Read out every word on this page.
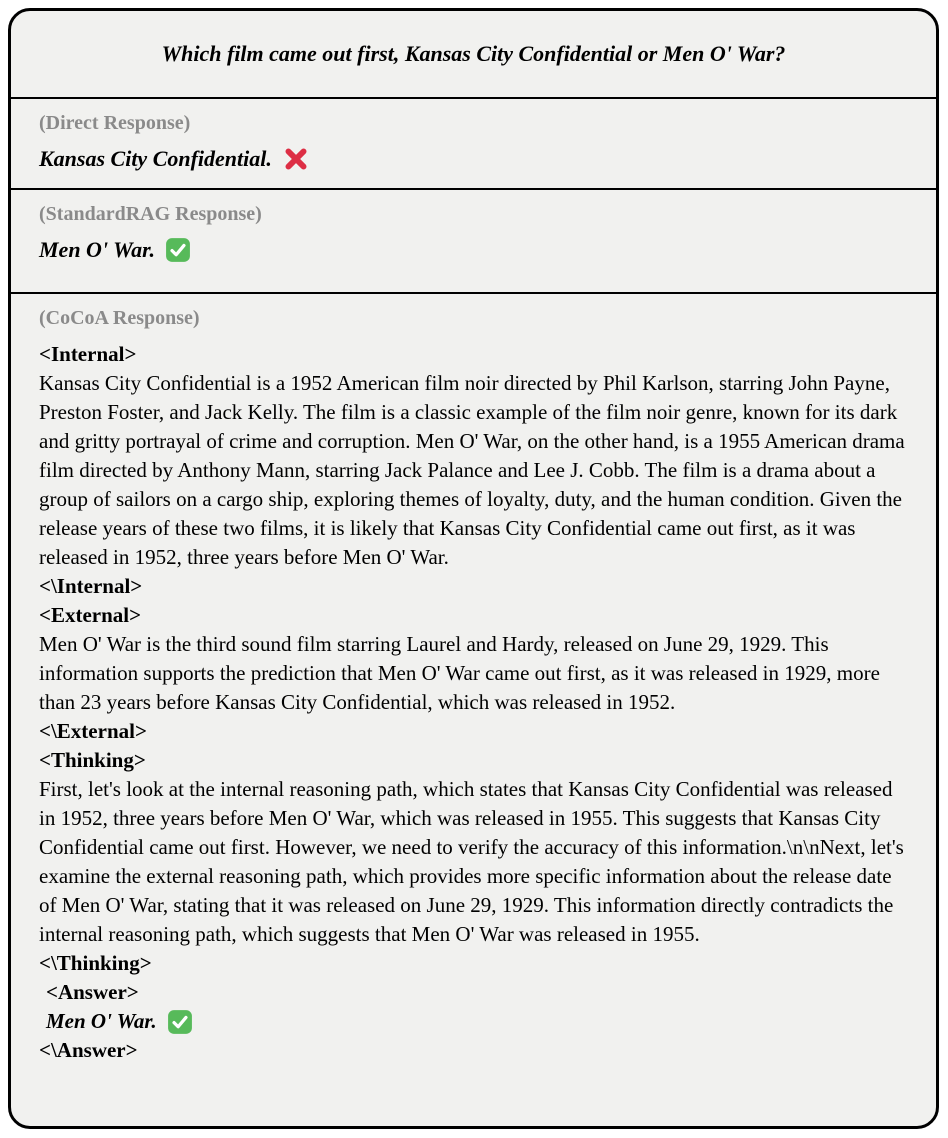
Which film came out first, Kansas City Confidential or Men O' War?
(Direct Response)
Kansas City Confidential.
(StandardRAG Response)
Men O' War.
(CoCoA Response)
<Internal>
Kansas City Confidential is a 1952 American film noir directed by Phil Karlson, starring John Payne, Preston Foster, and Jack Kelly. The film is a classic example of the film noir genre, known for its dark and gritty portrayal of crime and corruption. Men O' War, on the other hand, is a 1955 American drama film directed by Anthony Mann, starring Jack Palance and Lee J. Cobb. The film is a drama about a group of sailors on a cargo ship, exploring themes of loyalty, duty, and the human condition. Given the release years of these two films, it is likely that Kansas City Confidential came out first, as it was released in 1952, three years before Men O' War.
<\Internal>
<External>
Men O' War is the third sound film starring Laurel and Hardy, released on June 29, 1929. This information supports the prediction that Men O' War came out first, as it was released in 1929, more than 23 years before Kansas City Confidential, which was released in 1952.
<\External>
<Thinking>
First, let's look at the internal reasoning path, which states that Kansas City Confidential was released in 1952, three years before Men O' War, which was released in 1955. This suggests that Kansas City Confidential came out first. However, we need to verify the accuracy of this information.\n\nNext, let's examine the external reasoning path, which provides more specific information about the release date of Men O' War, stating that it was released on June 29, 1929. This information directly contradicts the internal reasoning path, which suggests that Men O' War was released in 1955.
<\Thinking>
<Answer>
Men O' War.
<\Answer>
